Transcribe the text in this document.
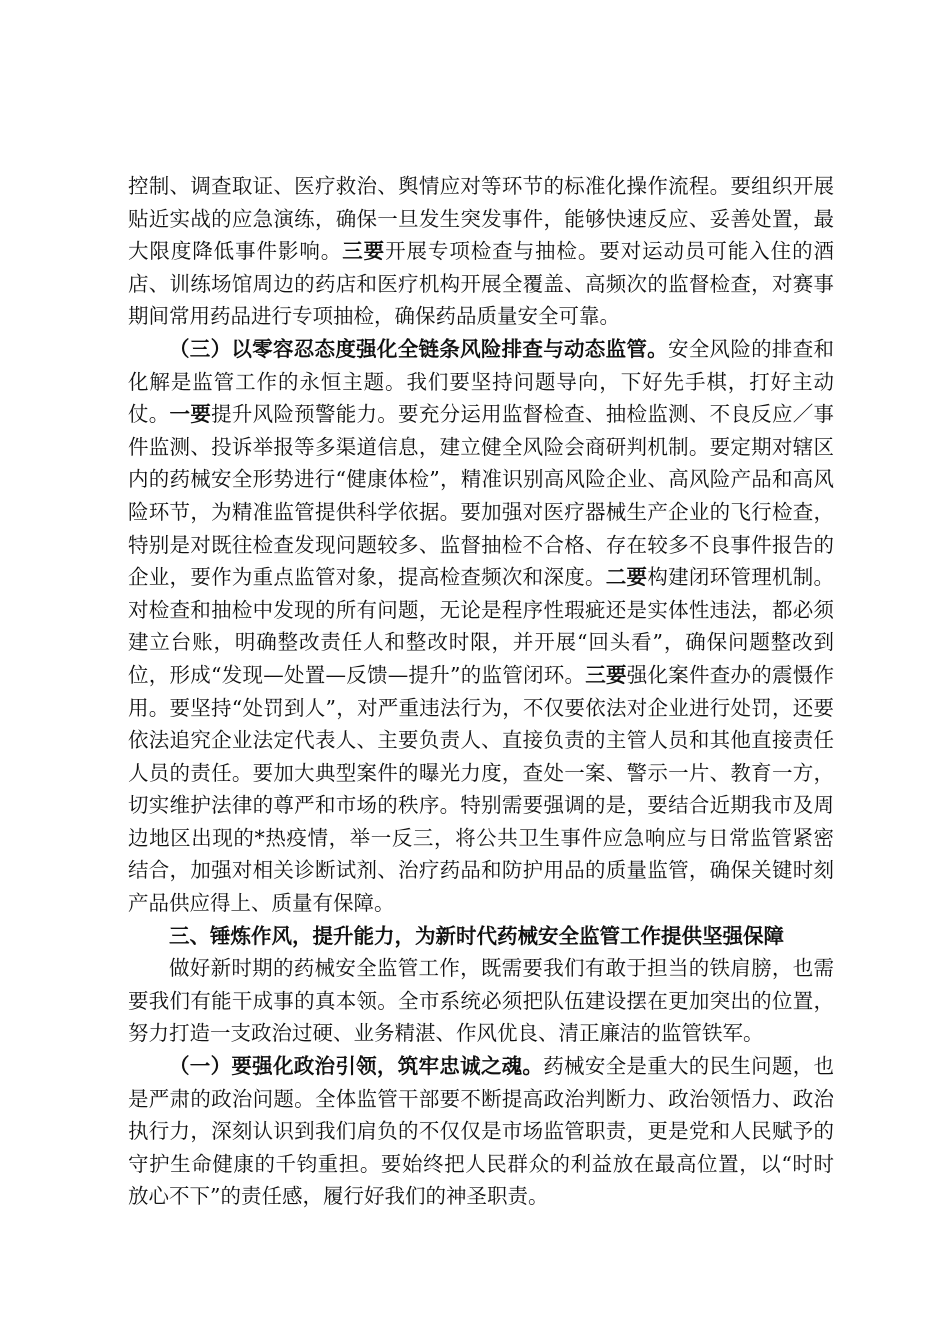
控制、调查取证、医疗救治、舆情应对等环节的标准化操作流程。要组织开展贴近实战的应急演练，确保一旦发生突发事件，能够快速反应、妥善处置，最大限度降低事件影响。三要开展专项检查与抽检。要对运动员可能入住的酒店、训练场馆周边的药店和医疗机构开展全覆盖、高频次的监督检查，对赛事期间常用药品进行专项抽检，确保药品质量安全可靠。

（三）以零容忍态度强化全链条风险排查与动态监管。安全风险的排查和化解是监管工作的永恒主题。我们要坚持问题导向，下好先手棋，打好主动仗。一要提升风险预警能力。要充分运用监督检查、抽检监测、不良反应／事件监测、投诉举报等多渠道信息，建立健全风险会商研判机制。要定期对辖区内的药械安全形势进行“健康体检”，精准识别高风险企业、高风险产品和高风险环节，为精准监管提供科学依据。要加强对医疗器械生产企业的飞行检查，特别是对既往检查发现问题较多、监督抽检不合格、存在较多不良事件报告的企业，要作为重点监管对象，提高检查频次和深度。二要构建闭环管理机制。对检查和抽检中发现的所有问题，无论是程序性瑕疵还是实体性违法，都必须建立台账，明确整改责任人和整改时限，并开展“回头看”，确保问题整改到位，形成“发现—处置—反馈—提升”的监管闭环。三要强化案件查办的震慑作用。要坚持“处罚到人”，对严重违法行为，不仅要依法对企业进行处罚，还要依法追究企业法定代表人、主要负责人、直接负责的主管人员和其他直接责任人员的责任。要加大典型案件的曝光力度，查处一案、警示一片、教育一方，切实维护法律的尊严和市场的秩序。特别需要强调的是，要结合近期我市及周边地区出现的*热疫情，举一反三，将公共卫生事件应急响应与日常监管紧密结合，加强对相关诊断试剂、治疗药品和防护用品的质量监管，确保关键时刻产品供应得上、质量有保障。

三、锤炼作风，提升能力，为新时代药械安全监管工作提供坚强保障

做好新时期的药械安全监管工作，既需要我们有敢于担当的铁肩膀，也需要我们有能干成事的真本领。全市系统必须把队伍建设摆在更加突出的位置，努力打造一支政治过硬、业务精湛、作风优良、清正廉洁的监管铁军。

（一）要强化政治引领，筑牢忠诚之魂。药械安全是重大的民生问题，也是严肃的政治问题。全体监管干部要不断提高政治判断力、政治领悟力、政治执行力，深刻认识到我们肩负的不仅仅是市场监管职责，更是党和人民赋予的守护生命健康的千钧重担。要始终把人民群众的利益放在最高位置，以“时时放心不下”的责任感，履行好我们的神圣职责。
